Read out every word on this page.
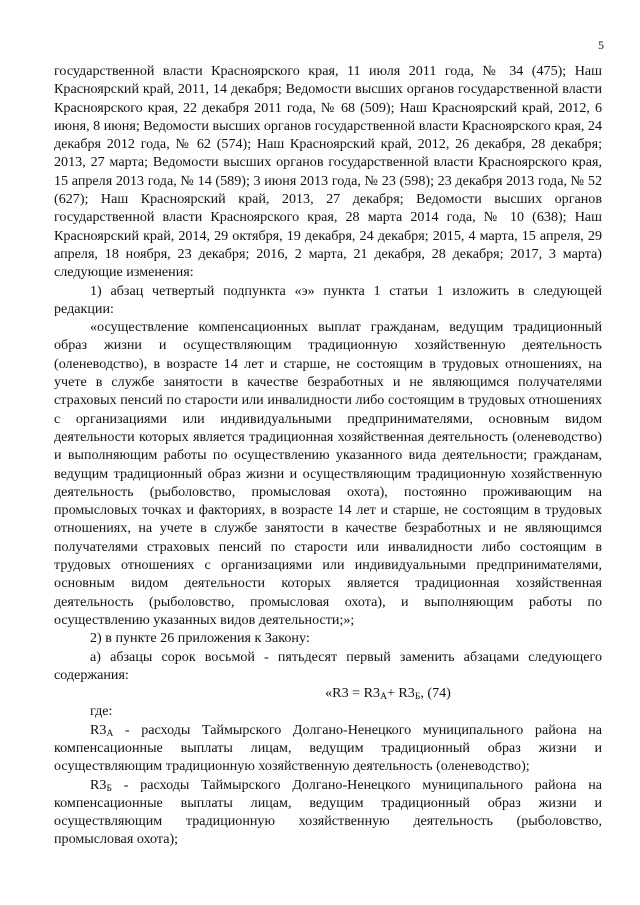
5

государственной власти Красноярского края, 11 июля 2011 года, № 34 (475); Наш Красноярский край, 2011, 14 декабря; Ведомости высших органов государственной власти Красноярского края, 22 декабря 2011 года, № 68 (509); Наш Красноярский край, 2012, 6 июня, 8 июня; Ведомости высших органов государственной власти Красноярского края, 24 декабря 2012 года, № 62 (574); Наш Красноярский край, 2012, 26 декабря, 28 декабря; 2013, 27 марта; Ведомости высших органов государственной власти Красноярского края, 15 апреля 2013 года, № 14 (589); 3 июня 2013 года, № 23 (598); 23 декабря 2013 года, № 52 (627); Наш Красноярский край, 2013, 27 декабря; Ведомости высших органов государственной власти Красноярского края, 28 марта 2014 года, № 10 (638); Наш Красноярский край, 2014, 29 октября, 19 декабря, 24 декабря; 2015, 4 марта, 15 апреля, 29 апреля, 18 ноября, 23 декабря; 2016, 2 марта, 21 декабря, 28 декабря; 2017, 3 марта) следующие изменения:

1) абзац четвертый подпункта «э» пункта 1 статьи 1 изложить в следующей редакции:

«осуществление компенсационных выплат гражданам, ведущим традиционный образ жизни и осуществляющим традиционную хозяйственную деятельность (оленеводство), в возрасте 14 лет и старше, не состоящим в трудовых отношениях, на учете в службе занятости в качестве безработных и не являющимся получателями страховых пенсий по старости или инвалидности либо состоящим в трудовых отношениях с организациями или индивидуальными предпринимателями, основным видом деятельности которых является традиционная хозяйственная деятельность (оленеводство) и выполняющим работы по осуществлению указанного вида деятельности; гражданам, ведущим традиционный образ жизни и осуществляющим традиционную хозяйственную деятельность (рыболовство, промысловая охота), постоянно проживающим на промысловых точках и факториях, в возрасте 14 лет и старше, не состоящим в трудовых отношениях, на учете в службе занятости в качестве безработных и не являющимся получателями страховых пенсий по старости или инвалидности либо состоящим в трудовых отношениях с организациями или индивидуальными предпринимателями, основным видом деятельности которых является традиционная хозяйственная деятельность (рыболовство, промысловая охота), и выполняющим работы по осуществлению указанных видов деятельности;»;

2) в пункте 26 приложения к Закону:

а) абзацы сорок восьмой - пятьдесят первый заменить абзацами следующего содержания:

«$R3 = R3_А+ R3_Б$, (74)

где:

$R3_А$ - расходы Таймырского Долгано-Ненецкого муниципального района на компенсационные выплаты лицам, ведущим традиционный образ жизни и осуществляющим традиционную хозяйственную деятельность (оленеводство);

$R3_Б$ - расходы Таймырского Долгано-Ненецкого муниципального района на компенсационные выплаты лицам, ведущим традиционный образ жизни и осуществляющим традиционную хозяйственную деятельность (рыболовство, промысловая охота);
